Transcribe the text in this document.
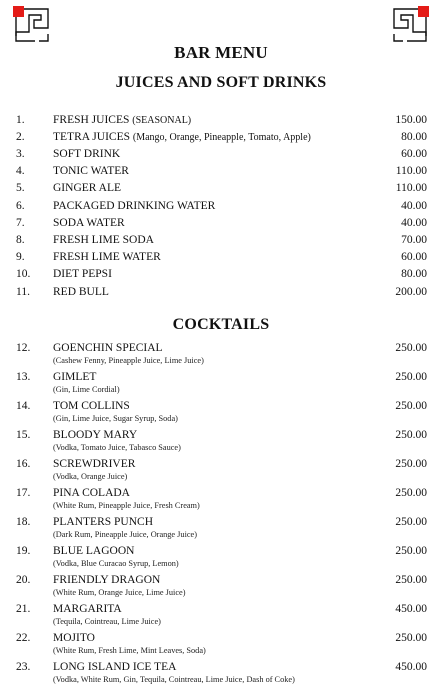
BAR MENU
JUICES AND SOFT DRINKS
COCKTAILS
1. FRESH JUICES (SEASONAL)	150.00
2. TETRA JUICES (Mango, Orange, Pineapple, Tomato, Apple)	80.00
3. SOFT DRINK	60.00
4. TONIC WATER	110.00
5. GINGER ALE	110.00
6. PACKAGED DRINKING WATER	40.00
7. SODA WATER	40.00
8. FRESH LIME SODA	70.00
9. FRESH LIME WATER	60.00
10. DIET PEPSI	80.00
11. RED BULL	200.00
12. GOENCHIN SPECIAL	250.00
(Cashew Fenny, Pineapple Juice, Lime Juice)
13. GIMLET	250.00
(Gin, Lime Cordial)
14. TOM COLLINS	250.00
(Gin, Lime Juice, Sugar Syrup, Soda)
15. BLOODY MARY	250.00
(Vodka, Tomato Juice, Tabasco Sauce)
16. SCREWDRIVER	250.00
(Vodka, Orange Juice)
17. PINA COLADA	250.00
(White Rum, Pineapple Juice, Fresh Cream)
18. PLANTERS PUNCH	250.00
(Dark Rum, Pineapple Juice, Orange Juice)
19. BLUE LAGOON	250.00
(Vodka, Blue Curacao Syrup, Lemon)
20. FRIENDLY DRAGON	250.00
(White Rum, Orange Juice, Lime Juice)
21. MARGARITA	450.00
(Tequila, Cointreau, Lime Juice)
22. MOJITO	250.00
(White Rum, Fresh Lime, Mint Leaves, Soda)
23. LONG ISLAND ICE TEA	450.00
(Vodka, White Rum, Gin, Tequila, Cointreau, Lime Juice, Dash of Coke)
